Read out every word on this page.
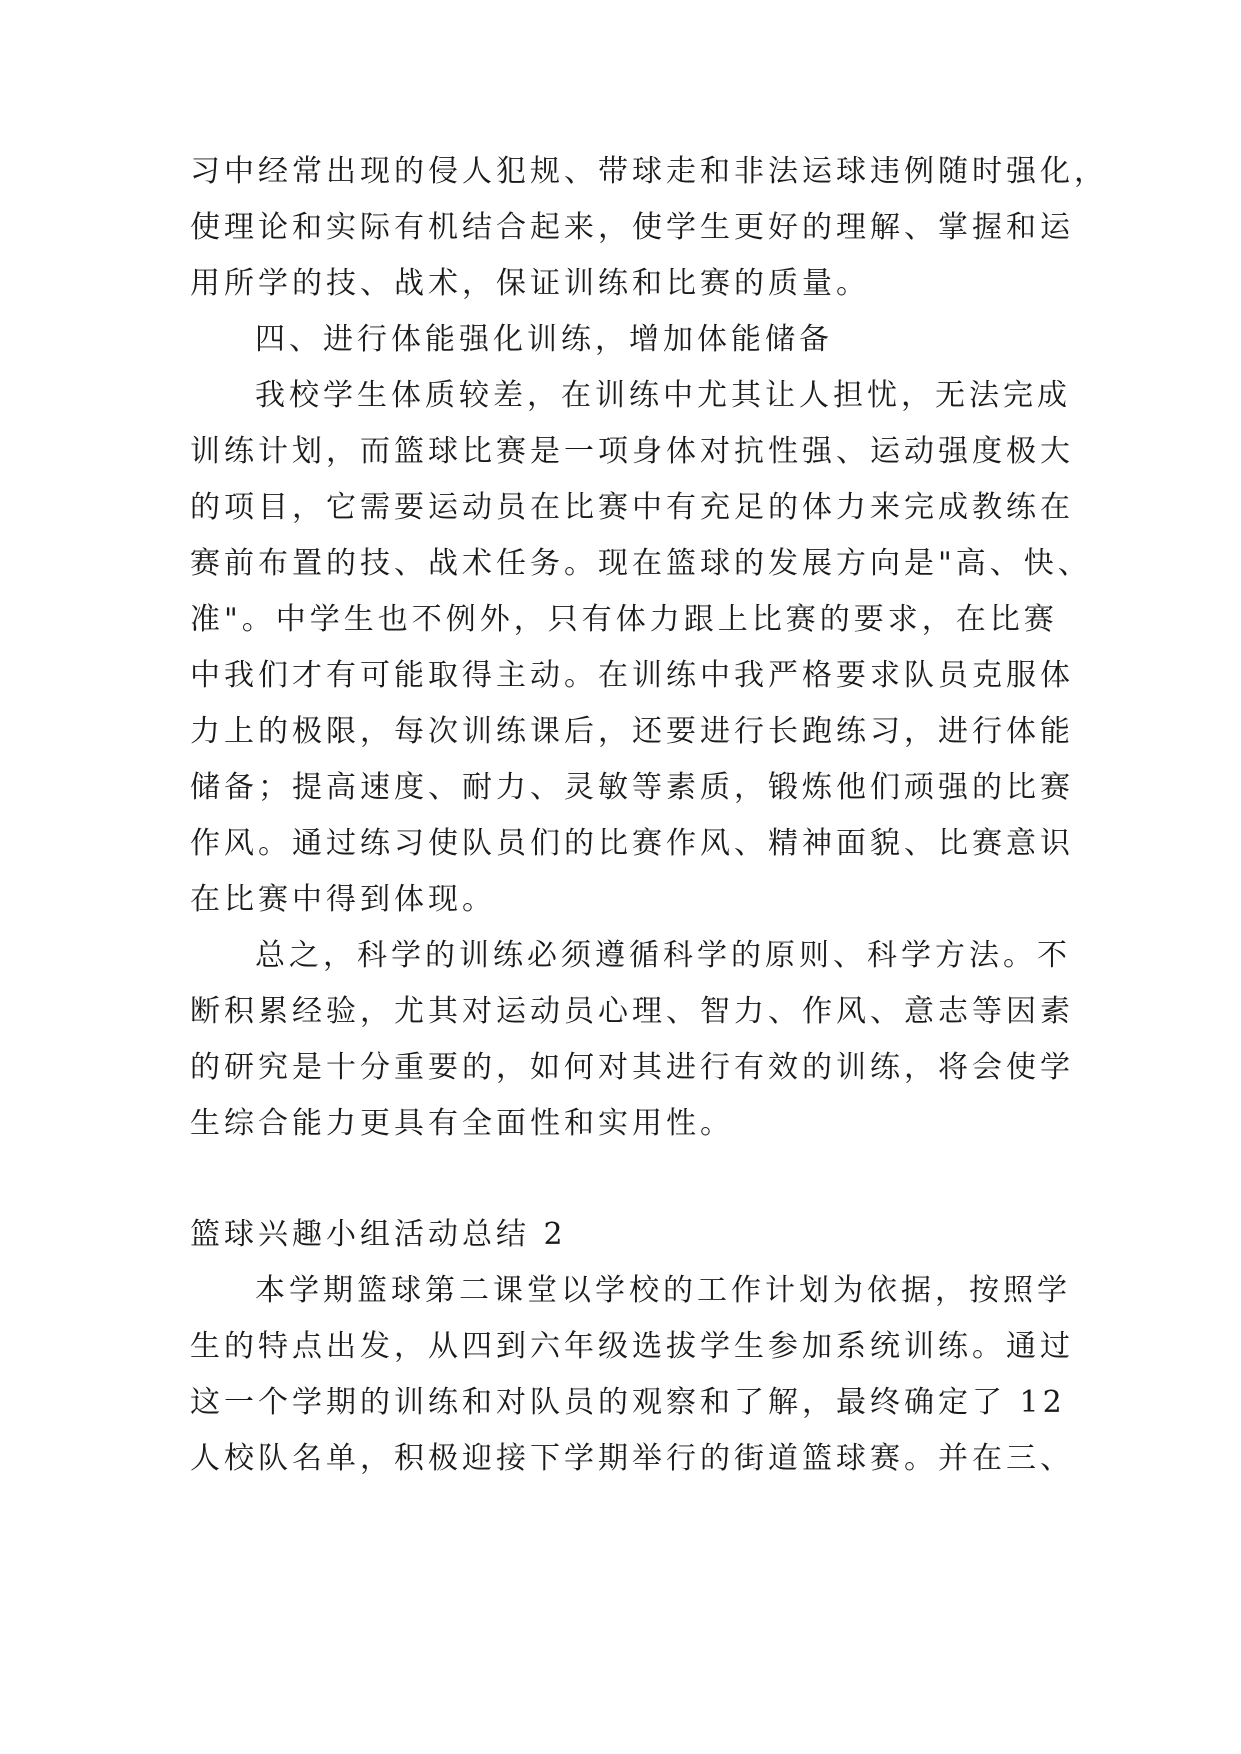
习中经常出现的侵人犯规、带球走和非法运球违例随时强化，
使理论和实际有机结合起来，使学生更好的理解、掌握和运
用所学的技、战术，保证训练和比赛的质量。
四、进行体能强化训练，增加体能储备
我校学生体质较差，在训练中尤其让人担忧，无法完成
训练计划，而篮球比赛是一项身体对抗性强、运动强度极大
的项目，它需要运动员在比赛中有充足的体力来完成教练在
赛前布置的技、战术任务。现在篮球的发展方向是"高、快、
准"。中学生也不例外，只有体力跟上比赛的要求，在比赛
中我们才有可能取得主动。在训练中我严格要求队员克服体
力上的极限，每次训练课后，还要进行长跑练习，进行体能
储备；提高速度、耐力、灵敏等素质，锻炼他们顽强的比赛
作风。通过练习使队员们的比赛作风、精神面貌、比赛意识
在比赛中得到体现。
总之，科学的训练必须遵循科学的原则、科学方法。不
断积累经验，尤其对运动员心理、智力、作风、意志等因素
的研究是十分重要的，如何对其进行有效的训练，将会使学
生综合能力更具有全面性和实用性。
篮球兴趣小组活动总结 2
本学期篮球第二课堂以学校的工作计划为依据，按照学
生的特点出发，从四到六年级选拔学生参加系统训练。通过
这一个学期的训练和对队员的观察和了解，最终确定了 12
人校队名单，积极迎接下学期举行的街道篮球赛。并在三、
